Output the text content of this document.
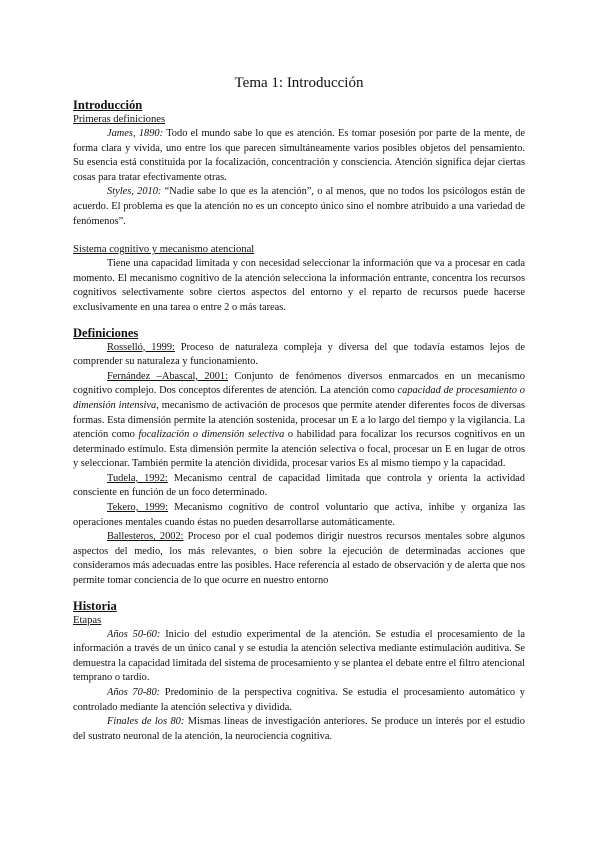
Tema 1: Introducción
Introducción
Primeras definiciones

James, 1890: Todo el mundo sabe lo que es atención. Es tomar posesión por parte de la mente, de forma clara y vívida, uno entre los que parecen simultáneamente varios posibles objetos del pensamiento. Su esencia está constituida por la focalización, concentración y consciencia. Atención significa dejar ciertas cosas para tratar efectivamente otras.

Styles, 2010: “Nadie sabe lo que es la atención”, o al menos, que no todos los psicólogos están de acuerdo. El problema es que la atención no es un concepto único sino el nombre atribuido a una variedad de fenómenos”.

Sistema cognitivo y mecanismo atencional

Tiene una capacidad limitada y con necesidad seleccionar la información que va a procesar en cada momento. El mecanismo cognitivo de la atención selecciona la información entrante, concentra los recursos cognitivos selectivamente sobre ciertos aspectos del entorno y el reparto de recursos puede hacerse exclusivamente en una tarea o entre 2 o más tareas.

Definiciones

Rosselló, 1999: Proceso de naturaleza compleja y diversa del que todavía estamos lejos de comprender su naturaleza y funcionamiento.

Fernández –Abascal, 2001: Conjunto de fenómenos diversos enmarcados en un mecanismo cognitivo complejo. Dos conceptos diferentes de atención. La atención como capacidad de procesamiento o dimensión intensiva, mecanismo de activación de procesos que permite atender diferentes focos de diversas formas. Esta dimensión permite la atención sostenida, procesar un E a lo largo del tiempo y la vigilancia. La atención como focalización o dimensión selectiva o habilidad para focalizar los recursos cognitivos en un determinado estímulo. Esta dimensión permite la atención selectiva o focal, procesar un E en lugar de otros y seleccionar. También permite la atención dividida, procesar varios Es al mismo tiempo y la capacidad.

Tudela, 1992: Mecanismo central de capacidad limitada que controla y orienta la actividad consciente en función de un foco determinado.

Tekero, 1999: Mecanismo cognitivo de control voluntario que activa, inhibe y organiza las operaciones mentales cuando éstas no pueden desarrollarse automáticamente.

Ballesteros, 2002: Proceso por el cual podemos dirigir nuestros recursos mentales sobre algunos aspectos del medio, los más relevantes, o bien sobre la ejecución de determinadas acciones que consideramos más adecuadas entre las posibles. Hace referencia al estado de observación y de alerta que nos permite tomar conciencia de lo que ocurre en nuestro entorno

Historia
Etapas

Años 50-60: Inicio del estudio experimental de la atención. Se estudia el procesamiento de la información a través de un único canal y se estudia la atención selectiva mediante estimulación auditiva. Se demuestra la capacidad limitada del sistema de procesamiento y se plantea el debate entre el filtro atencional temprano o tardío.

Años 70-80: Predominio de la perspectiva cognitiva. Se estudia el procesamiento automático y controlado mediante la atención selectiva y dividida.

Finales de los 80: Mismas líneas de investigación anteriores. Se produce un interés por el estudio del sustrato neuronal de la atención, la neurociencia cognitiva.
